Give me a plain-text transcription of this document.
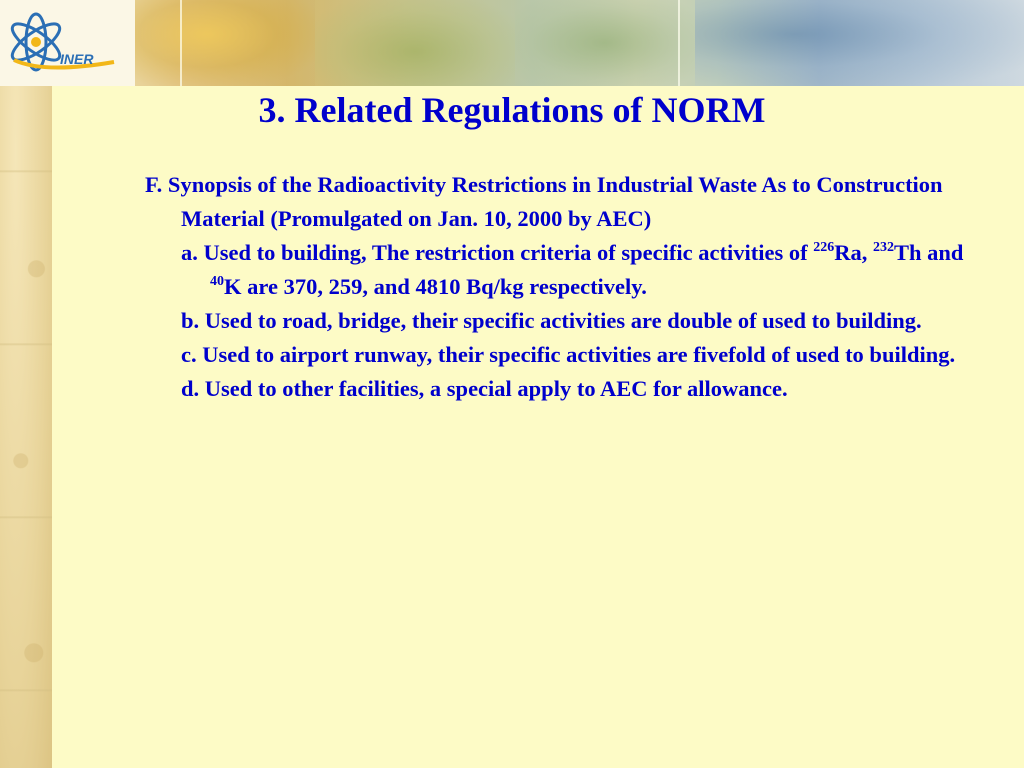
INER
3. Related Regulations of NORM

F. Synopsis of the Radioactivity Restrictions in Industrial Waste As to Construction Material (Promulgated on Jan. 10, 2000 by AEC)

a. Used to building, The restriction criteria of specific activities of $^{226}$Ra, $^{232}$Th and $^{40}$K are 370, 259, and 4810 Bq/kg respectively.

b. Used to road, bridge, their specific activities are double of used to building.

c. Used to airport runway, their specific activities are fivefold of used to building.

d. Used to other facilities, a special apply to AEC for allowance.
